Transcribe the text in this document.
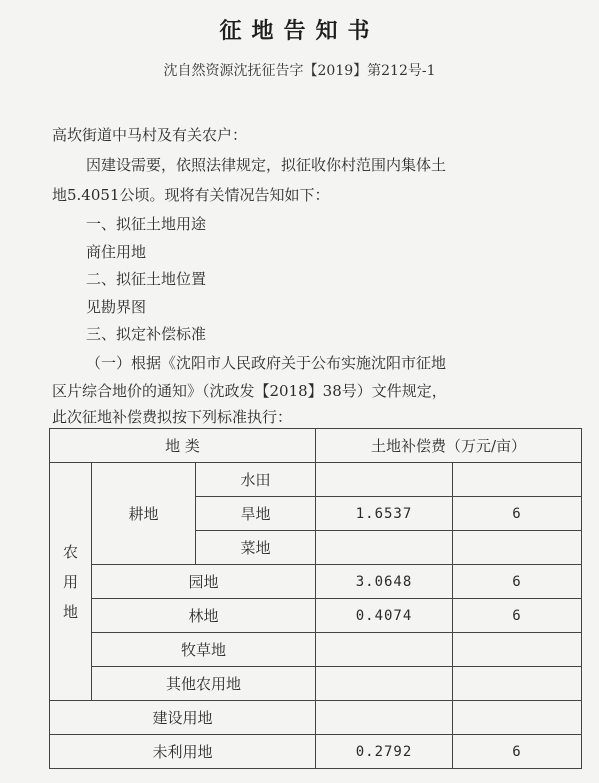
征地告知书
沈自然资源沈抚征告字【2019】第212号-1
高坎街道中马村及有关农户：
因建设需要，依照法律规定，拟征收你村范围内集体土
地5.4051公顷。现将有关情况告知如下：
一、拟征土地用途
商住用地
二、拟征土地位置
见勘界图
三、拟定补偿标准
（一）根据《沈阳市人民政府关于公布实施沈阳市征地
区片综合地价的通知》（沈政发【2018】38号）文件规定，
此次征地补偿费拟按下列标准执行：
地 类			土地补偿费（万元/亩）	

农
用
地	耕地	水田		
		旱地	1.6537	6
		菜地		
	园地		3.0648	6
	林地		0.4074	6
	牧草地			
	其他农用地			
建设用地				
未利用地			0.2792	6
